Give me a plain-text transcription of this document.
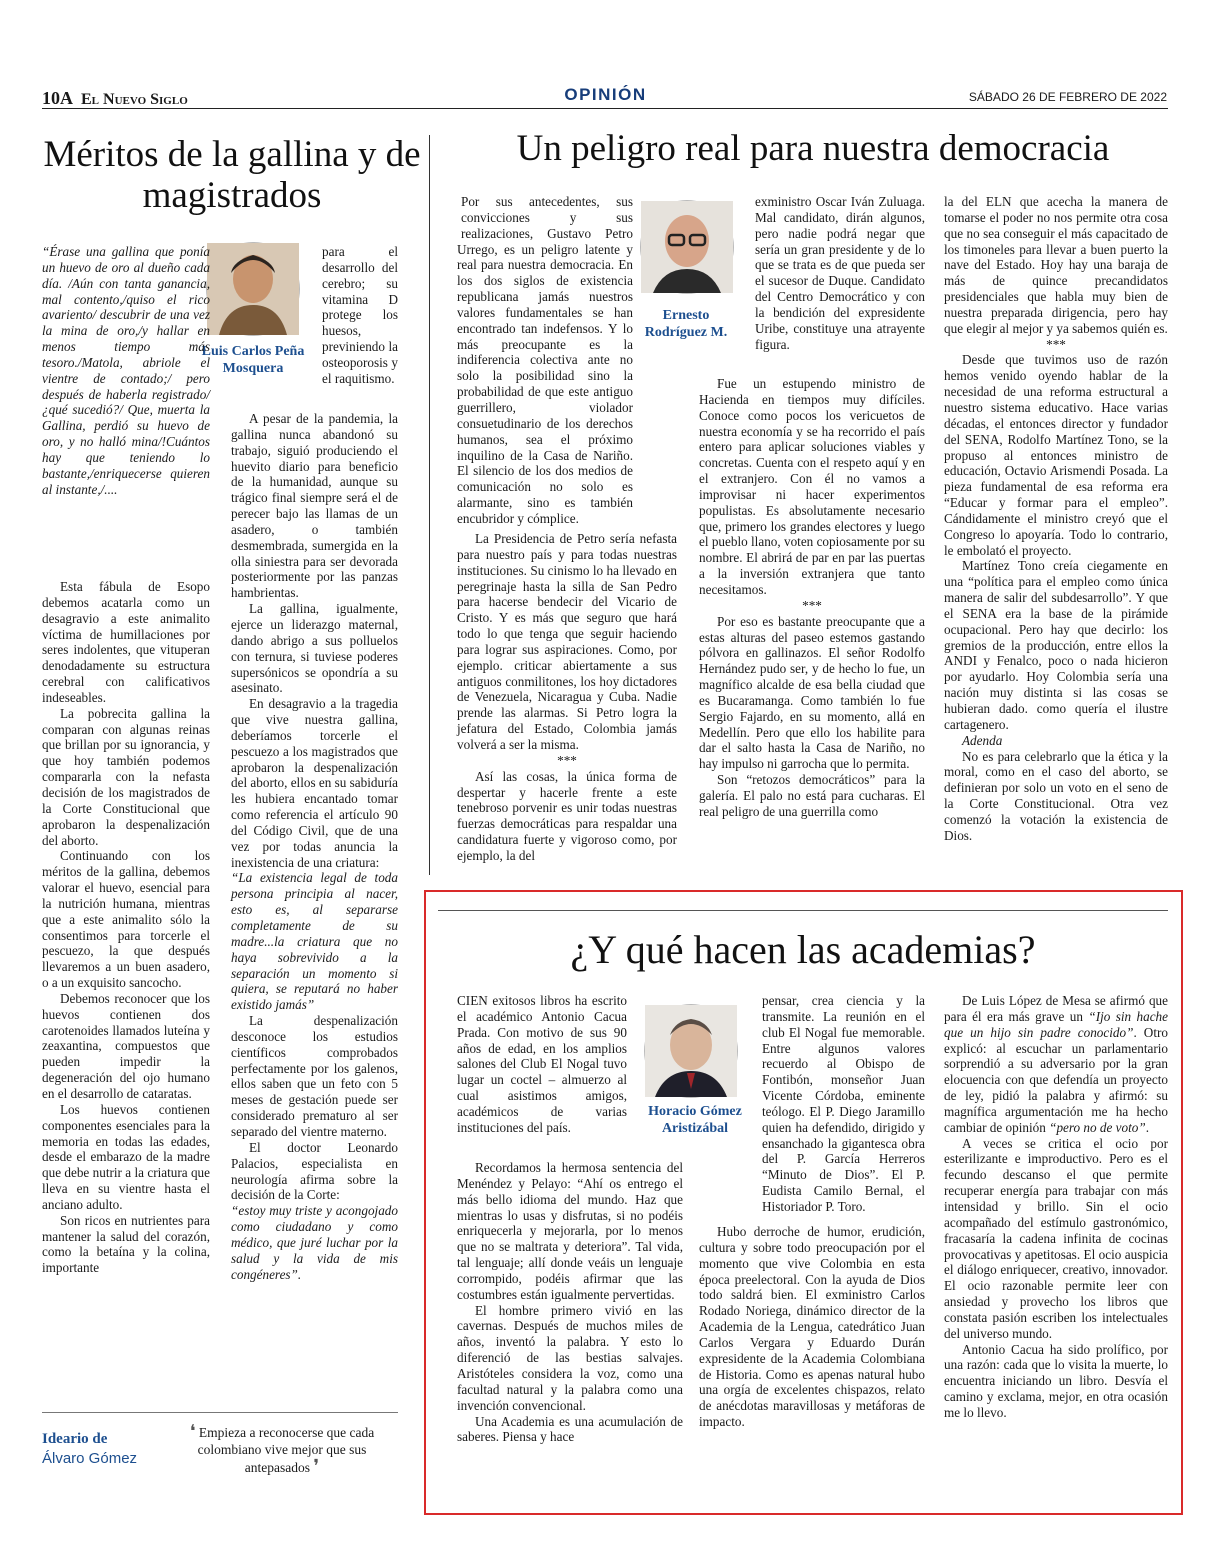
10A El Nuevo Siglo	OPINIÓN	SÁBADO 26 DE FEBRERO DE 2022
Méritos de la gallina y de magistrados
Luis Carlos Peña Mosquera

“Érase una gallina que ponía un huevo de oro al dueño cada día. /Aún con tanta ganancia, mal contento,/quiso el rico avariento/ descubrir de una vez la mina de oro,/y hallar en menos tiempo más tesoro./Matola, abriole el vientre de contado;/ pero después de haberla registrado/¿qué sucedió?/ Que, muerta la Gallina, perdió su huevo de oro, y no halló mina/!Cuántos hay que teniendo lo bastante,/enriquecerse quieren al instante,/....

Esta fábula de Esopo debemos acatarla como un desagravio a este animalito víctima de humillaciones por seres indolentes, que vituperan denodadamente su estructura cerebral con calificativos indeseables.

La pobrecita gallina la comparan con algunas reinas que brillan por su ignorancia, y que hoy también podemos compararla con la nefasta decisión de los magistrados de la Corte Constitucional que aprobaron la despenalización del aborto.

Continuando con los méritos de la gallina, debemos valorar el huevo, esencial para la nutrición humana, mientras que a este animalito sólo la consentimos para torcerle el pescuezo, la que después llevaremos a un buen asadero, o a un exquisito sancocho.

Debemos reconocer que los huevos contienen dos carotenoides llamados luteína y zeaxantina, compuestos que pueden impedir la degeneración del ojo humano en el desarrollo de cataratas.

Los huevos contienen componentes esenciales para la memoria en todas las edades, desde el embarazo de la madre que debe nutrir a la criatura que lleva en su vientre hasta el anciano adulto.

Son ricos en nutrientes para mantener la salud del corazón, como la betaína y la colina, importante

para el desarrollo del cerebro; su vitamina D protege los huesos, previniendo la osteoporosis y el raquitismo.

A pesar de la pandemia, la gallina nunca abandonó su trabajo, siguió produciendo el huevito diario para beneficio de la humanidad, aunque su trágico final siempre será el de perecer bajo las llamas de un asadero, o también desmembrada, sumergida en la olla siniestra para ser devorada posteriormente por las panzas hambrientas.

La gallina, igualmente, ejerce un liderazgo maternal, dando abrigo a sus polluelos con ternura, si tuviese poderes supersónicos se opondría a su asesinato.

En desagravio a la tragedia que vive nuestra gallina, deberíamos torcerle el pescuezo a los magistrados que aprobaron la despenalización del aborto, ellos en su sabiduría les hubiera encantado tomar como referencia el artículo 90 del Código Civil, que de una vez por todas anuncia la inexistencia de una criatura:

“La existencia legal de toda persona principia al nacer, esto es, al separarse completamente de su madre...la criatura que no haya sobrevivido a la separación un momento si quiera, se reputará no haber existido jamás”

La despenalización desconoce los estudios científicos comprobados perfectamente por los galenos, ellos saben que un feto con 5 meses de gestación puede ser considerado prematuro al ser separado del vientre materno.

El doctor Leonardo Palacios, especialista en neurología afirma sobre la decisión de la Corte:

“estoy muy triste y acongojado como ciudadano y como médico, que juré luchar por la salud y la vida de mis congéneres”.

Ideario de
Álvaro Gómez
❛ Empieza a reconocerse que cada colombiano vive mejor que sus antepasados ❜
Un peligro real para nuestra democracia
Ernesto Rodríguez M.

Por sus antecedentes, sus convicciones y sus realizaciones, Gustavo Petro Urrego, es un peligro latente y real para nuestra democracia. En los dos siglos de existencia republicana jamás nuestros valores fundamentales se han encontrado tan indefensos. Y lo más preocupante es la indiferencia colectiva ante no solo la posibilidad sino la probabilidad de que este antiguo guerrillero, violador consuetudinario de los derechos humanos, sea el próximo inquilino de la Casa de Nariño. El silencio de los dos medios de comunicación no solo es alarmante, sino es también encubridor y cómplice.

La Presidencia de Petro sería nefasta para nuestro país y para todas nuestras instituciones. Su cinismo lo ha llevado en peregrinaje hasta la silla de San Pedro para hacerse bendecir del Vicario de Cristo. Y es más que seguro que hará todo lo que tenga que seguir haciendo para lograr sus aspiraciones. Como, por ejemplo. criticar abiertamente a sus antiguos conmilitones, los hoy dictadores de Venezuela, Nicaragua y Cuba. Nadie prende las alarmas. Si Petro logra la jefatura del Estado, Colombia jamás volverá a ser la misma.

***

Así las cosas, la única forma de despertar y hacerle frente a este tenebroso porvenir es unir todas nuestras fuerzas democráticas para respaldar una candidatura fuerte y vigoroso como, por ejemplo, la del

exministro Oscar Iván Zuluaga. Mal candidato, dirán algunos, pero nadie podrá negar que sería un gran presidente y de lo que se trata es de que pueda ser el sucesor de Duque. Candidato del Centro Democrático y con la bendición del expresidente Uribe, constituye una atrayente figura.

Fue un estupendo ministro de Hacienda en tiempos muy difíciles. Conoce como pocos los vericuetos de nuestra economía y se ha recorrido el país entero para aplicar soluciones viables y concretas. Cuenta con el respeto aquí y en el extranjero. Con él no vamos a improvisar ni hacer experimentos populistas. Es absolutamente necesario que, primero los grandes electores y luego el pueblo llano, voten copiosamente por su nombre. El abrirá de par en par las puertas a la inversión extranjera que tanto necesitamos.

***

Por eso es bastante preocupante que a estas alturas del paseo estemos gastando pólvora en gallinazos. El señor Rodolfo Hernández pudo ser, y de hecho lo fue, un magnífico alcalde de esa bella ciudad que es Bucaramanga. Como también lo fue Sergio Fajardo, en su momento, allá en Medellín. Pero que ello los habilite para dar el salto hasta la Casa de Nariño, no hay impulso ni garrocha que lo permita.

Son “retozos democráticos” para la galería. El palo no está para cucharas. El real peligro de una guerrilla como

la del ELN que acecha la manera de tomarse el poder no nos permite otra cosa que no sea conseguir el más capacitado de los timoneles para llevar a buen puerto la nave del Estado. Hoy hay una baraja de más de quince precandidatos presidenciales que habla muy bien de nuestra preparada dirigencia, pero hay que elegir al mejor y ya sabemos quién es.

***

Desde que tuvimos uso de razón hemos venido oyendo hablar de la necesidad de una reforma estructural a nuestro sistema educativo. Hace varias décadas, el entonces director y fundador del SENA, Rodolfo Martínez Tono, se la propuso al entonces ministro de educación, Octavio Arismendi Posada. La pieza fundamental de esa reforma era “Educar y formar para el empleo”. Cándidamente el ministro creyó que el Congreso lo apoyaría. Todo lo contrario, le embolató el proyecto.

Martínez Tono creía ciegamente en una “política para el empleo como única manera de salir del subdesarrollo”. Y que el SENA era la base de la pirámide ocupacional. Pero hay que decirlo: los gremios de la producción, entre ellos la ANDI y Fenalco, poco o nada hicieron por ayudarlo. Hoy Colombia sería una nación muy distinta si las cosas se hubieran dado. como quería el ilustre cartagenero.

Adenda

No es para celebrarlo que la ética y la moral, como en el caso del aborto, se definieran por solo un voto en el seno de la Corte Constitucional. Otra vez comenzó la votación la existencia de Dios.

¿Y qué hacen las academias?
Horacio Gómez Aristizábal

CIEN exitosos libros ha escrito el académico Antonio Cacua Prada. Con motivo de sus 90 años de edad, en los amplios salones del Club El Nogal tuvo lugar un coctel – almuerzo al cual asistimos amigos, académicos de varias instituciones del país.

Recordamos la hermosa sentencia del Menéndez y Pelayo: “Ahí os entrego el más bello idioma del mundo. Haz que mientras lo usas y disfrutas, si no podéis enriquecerla y mejorarla, por lo menos que no se maltrata y deteriora”. Tal vida, tal lenguaje; allí donde veáis un lenguaje corrompido, podéis afirmar que las costumbres están igualmente pervertidas.

El hombre primero vivió en las cavernas. Después de muchos miles de años, inventó la palabra. Y esto lo diferenció de las bestias salvajes. Aristóteles considera la voz, como una facultad natural y la palabra como una invención convencional.

Una Academia es una acumulación de saberes. Piensa y hace

pensar, crea ciencia y la transmite. La reunión en el club El Nogal fue memorable. Entre algunos valores recuerdo al Obispo de Fontibón, monseñor Juan Vicente Córdoba, eminente teólogo. El P. Diego Jaramillo quien ha defendido, dirigido y ensanchado la gigantesca obra del P. García Herreros “Minuto de Dios”. El P. Eudista Camilo Bernal, el Historiador P. Toro.

Hubo derroche de humor, erudición, cultura y sobre todo preocupación por el momento que vive Colombia en esta época preelectoral. Con la ayuda de Dios todo saldrá bien. El exministro Carlos Rodado Noriega, dinámico director de la Academia de la Lengua, catedrático Juan Carlos Vergara y Eduardo Durán expresidente de la Academia Colombiana de Historia. Como es apenas natural hubo una orgía de excelentes chispazos, relato de anécdotas maravillosas y metáforas de impacto.

De Luis López de Mesa se afirmó que para él era más grave un “Ijo sin hache que un hijo sin padre conocido”. Otro explicó: al escuchar un parlamentario sorprendió a su adversario por la gran elocuencia con que defendía un proyecto de ley, pidió la palabra y afirmó: su magnífica argumentación me ha hecho cambiar de opinión “pero no de voto”.

A veces se critica el ocio por esterilizante e improductivo. Pero es el fecundo descanso el que permite recuperar energía para trabajar con más intensidad y brillo. Sin el ocio acompañado del estímulo gastronómico, fracasaría la cadena infinita de cocinas provocativas y apetitosas. El ocio auspicia el diálogo enriquecer, creativo, innovador. El ocio razonable permite leer con ansiedad y provecho los libros que constata pasión escriben los intelectuales del universo mundo.

Antonio Cacua ha sido prolífico, por una razón: cada que lo visita la muerte, lo encuentra iniciando un libro. Desvía el camino y exclama, mejor, en otra ocasión me lo llevo.
